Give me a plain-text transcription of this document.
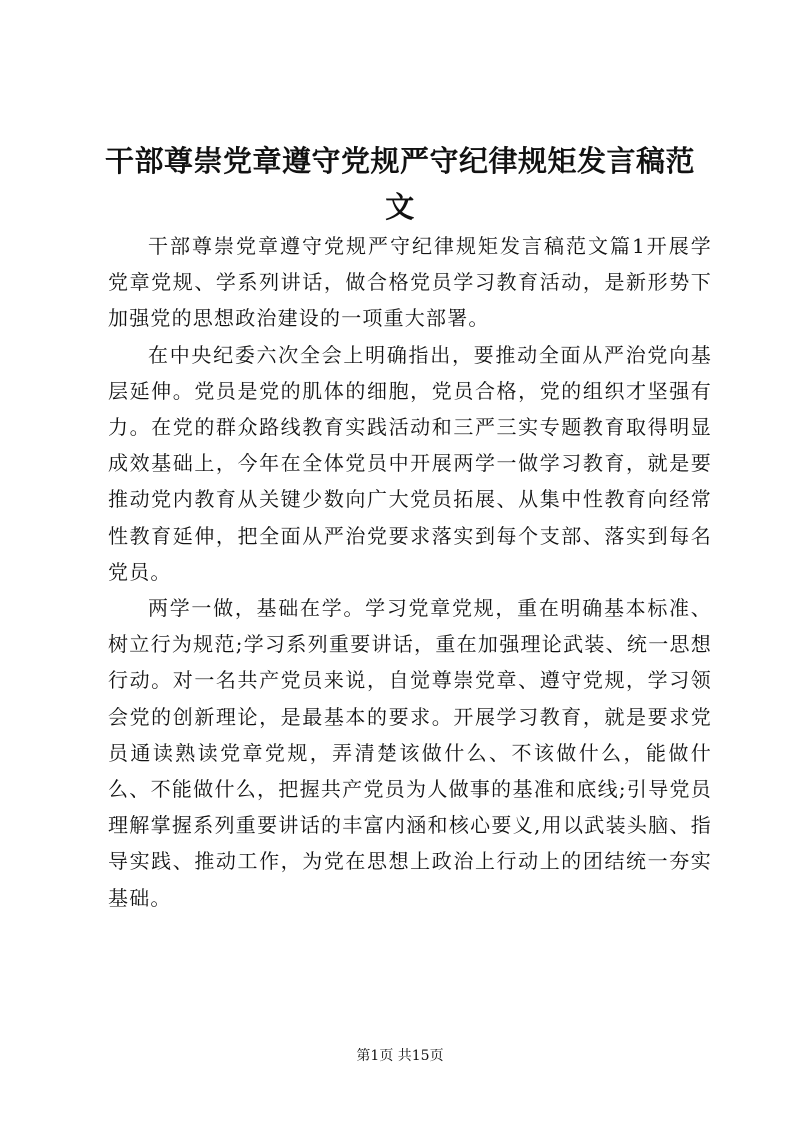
干部尊崇党章遵守党规严守纪律规矩发言稿范文

干部尊崇党章遵守党规严守纪律规矩发言稿范文篇1开展学党章党规、学系列讲话，做合格党员学习教育活动，是新形势下加强党的思想政治建设的一项重大部署。

在中央纪委六次全会上明确指出，要推动全面从严治党向基层延伸。党员是党的肌体的细胞，党员合格，党的组织才坚强有力。在党的群众路线教育实践活动和三严三实专题教育取得明显成效基础上，今年在全体党员中开展两学一做学习教育，就是要推动党内教育从关键少数向广大党员拓展、从集中性教育向经常性教育延伸，把全面从严治党要求落实到每个支部、落实到每名党员。

两学一做，基础在学。学习党章党规，重在明确基本标准、树立行为规范;学习系列重要讲话，重在加强理论武装、统一思想行动。对一名共产党员来说，自觉尊崇党章、遵守党规，学习领会党的创新理论，是最基本的要求。开展学习教育，就是要求党员通读熟读党章党规，弄清楚该做什么、不该做什么，能做什么、不能做什么，把握共产党员为人做事的基准和底线;引导党员理解掌握系列重要讲话的丰富内涵和核心要义,用以武装头脑、指导实践、推动工作，为党在思想上政治上行动上的团结统一夯实基础。

第1页 共15页
